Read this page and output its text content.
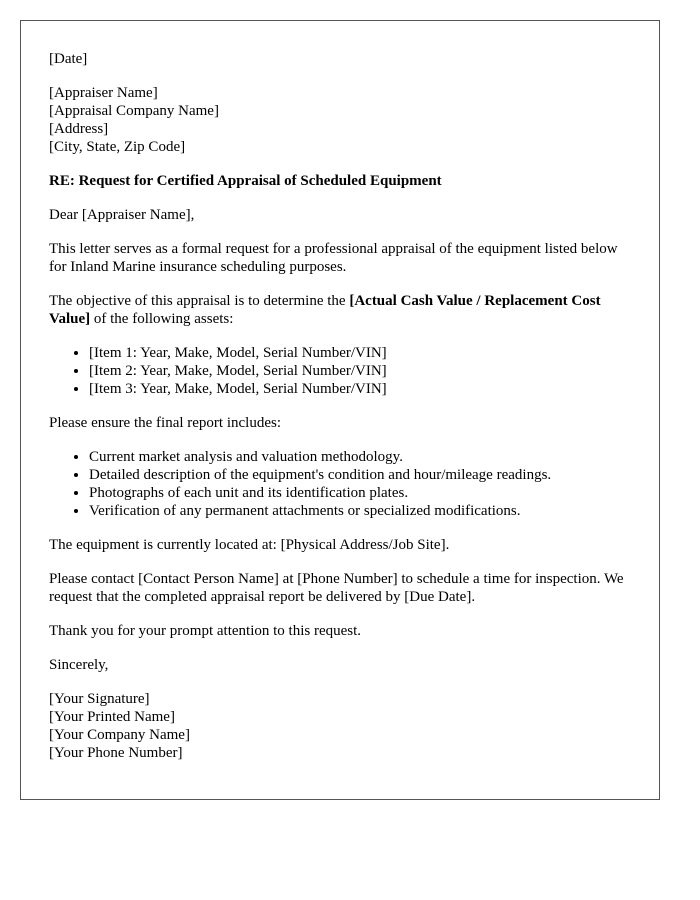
[Date]
[Appraiser Name]
[Appraisal Company Name]
[Address]
[City, State, Zip Code]
RE: Request for Certified Appraisal of Scheduled Equipment

Dear [Appraiser Name],

This letter serves as a formal request for a professional appraisal of the equipment listed below for Inland Marine insurance scheduling purposes.

The objective of this appraisal is to determine the [Actual Cash Value / Replacement Cost Value] of the following assets:

• [Item 1: Year, Make, Model, Serial Number/VIN]
• [Item 2: Year, Make, Model, Serial Number/VIN]
• [Item 3: Year, Make, Model, Serial Number/VIN]

Please ensure the final report includes:

• Current market analysis and valuation methodology.
• Detailed description of the equipment's condition and hour/mileage readings.
• Photographs of each unit and its identification plates.
• Verification of any permanent attachments or specialized modifications.

The equipment is currently located at: [Physical Address/Job Site].

Please contact [Contact Person Name] at [Phone Number] to schedule a time for inspection. We request that the completed appraisal report be delivered by [Due Date].

Thank you for your prompt attention to this request.

Sincerely,

[Your Signature]
[Your Printed Name]
[Your Company Name]
[Your Phone Number]
